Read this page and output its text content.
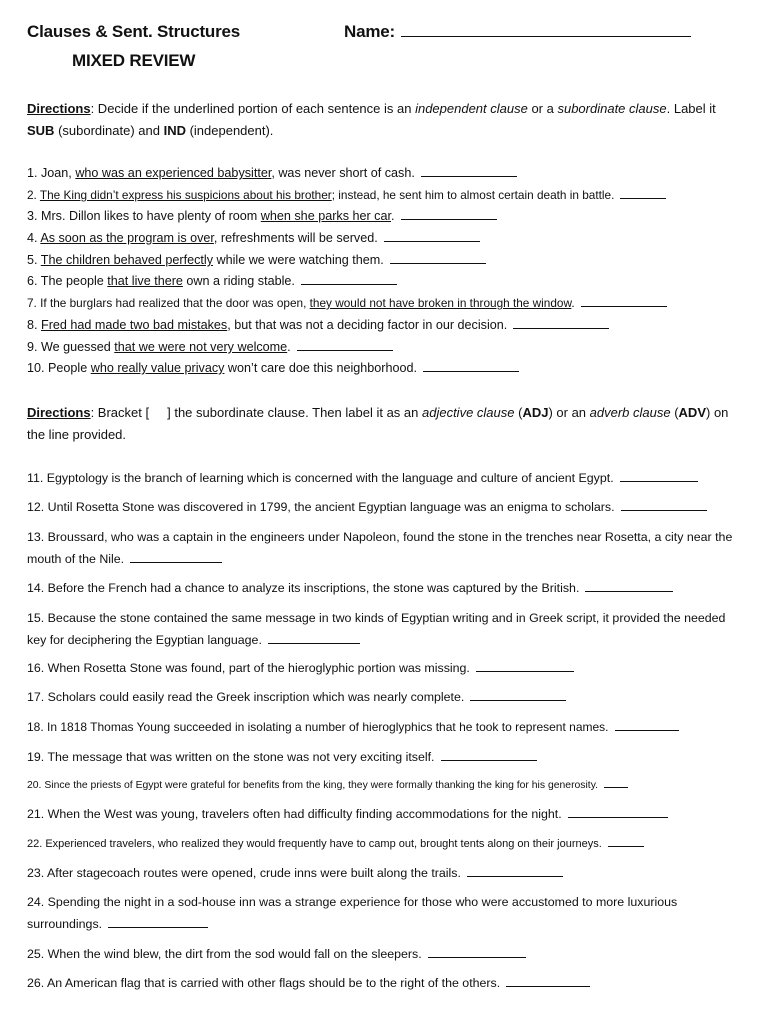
Clauses & Sent. Structures
MIXED REVIEW
Name:
Directions: Decide if the underlined portion of each sentence is an independent clause or a subordinate clause. Label it SUB (subordinate) and IND (independent).
1. Joan, who was an experienced babysitter, was never short of cash.
2. The King didn’t express his suspicions about his brother; instead, he sent him to almost certain death in battle.
3. Mrs. Dillon likes to have plenty of room when she parks her car.
4. As soon as the program is over, refreshments will be served.
5. The children behaved perfectly while we were watching them.
6. The people that live there own a riding stable.
7. If the burglars had realized that the door was open, they would not have broken in through the window.
8. Fred had made two bad mistakes, but that was not a deciding factor in our decision.
9. We guessed that we were not very welcome.
10. People who really value privacy won’t care doe this neighborhood.
Directions: Bracket [ ] the subordinate clause. Then label it as an adjective clause (ADJ) or an adverb clause (ADV) on the line provided.
11. Egyptology is the branch of learning which is concerned with the language and culture of ancient Egypt.
12. Until Rosetta Stone was discovered in 1799, the ancient Egyptian language was an enigma to scholars.
13. Broussard, who was a captain in the engineers under Napoleon, found the stone in the trenches near Rosetta, a city near the mouth of the Nile.
14. Before the French had a chance to analyze its inscriptions, the stone was captured by the British.
15. Because the stone contained the same message in two kinds of Egyptian writing and in Greek script, it provided the needed key for deciphering the Egyptian language.
16. When Rosetta Stone was found, part of the hieroglyphic portion was missing.
17. Scholars could easily read the Greek inscription which was nearly complete.
18. In 1818 Thomas Young succeeded in isolating a number of hieroglyphics that he took to represent names.
19. The message that was written on the stone was not very exciting itself.
20. Since the priests of Egypt were grateful for benefits from the king, they were formally thanking the king for his generosity.
21. When the West was young, travelers often had difficulty finding accommodations for the night.
22. Experienced travelers, who realized they would frequently have to camp out, brought tents along on their journeys.
23. After stagecoach routes were opened, crude inns were built along the trails.
24. Spending the night in a sod-house inn was a strange experience for those who were accustomed to more luxurious surroundings.
25. When the wind blew, the dirt from the sod would fall on the sleepers.
26. An American flag that is carried with other flags should be to the right of the others.
